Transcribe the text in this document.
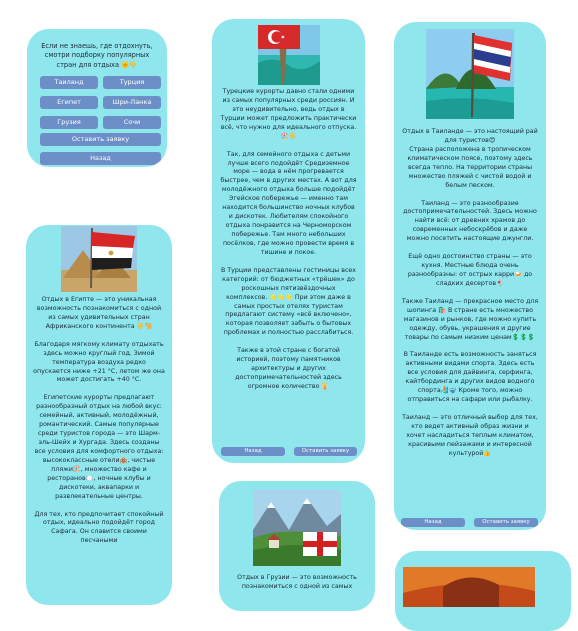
Если не знаешь, где отдохнуть, смотри подборку популярных стран для отдыха 🌞👇

Таиланд	Турция
Египет	Шри-Ланка
Грузия	Сочи
Оставить заявку
Назад

Турецкие курорты давно стали одними из самых популярных среди россиян. И это неудивительно, ведь отдых в Турции может предложить практически всё, что нужно для идеального отпуска. 🏖️☀️

Так, для семейного отдыха с детьми лучше всего подойдёт Средиземное море — вода в нём прогревается быстрее, чем в других местах. А вот для молодёжного отдыха больше подойдёт Эгейское побережье — именно там находится большинство ночных клубов и дискотек. Любителям спокойного отдыха понравится на Черноморском побережье. Там много небольших посёлков, где можно провести время в тишине и покое.

В Турции представлены гостиницы всех категорий: от бюджетных «трёшек» до роскошных пятизвёздочных комплексов. ⭐⭐⭐ При этом даже в самых простых отелях туристам предлагают систему «всё включено», которая позволяет забыть о бытовых проблемах и полностью расслабиться.

Также в этой стране с богатой историей, поэтому памятников архитектуры и других достопримечательностей здесь огромное количество 🕌

Назад	Оставить заявку

Отдых в Таиланде — это настоящий рай для туристов😍
Страна расположена в тропическом климатическом поясе, поэтому здесь всегда тепло. На территории страны множество пляжей с чистой водой и белым песком.

Таиланд — это разнообразие достопримечательностей. Здесь можно найти всё: от древних храмов до современных небоскрёбов и даже можно посетить настоящие джунгли.

Ещё одно достоинство страны — это кухня. Местные блюда очень разнообразны: от острых карри🍛 до сладких десертов🍨

Также Таиланд — прекрасное место для шопинга 🛍️ В стране есть множество магазинов и рынков, где можно купить одежду, обувь, украшения и другие товары по самым низким ценам💲💲💲

В Таиланде есть возможность заняться активными видами спорта. Здесь есть все условия для дайвинга, серфинга, кайтбординга и других видов водного спорта🏄🤿 Кроме того, можно отправиться на сафари или рыбалку.

Таиланд — это отличный выбор для тех, кто ведет активный образ жизни и хочет насладиться теплым климатом, красивыми пейзажами и интересной культурой👍

Назад	Оставить заявку

Отдых в Египте — это уникальная возможность познакомиться с одной из самых удивительных стран Африканского континента ☀️🐪

Благодаря мягкому климату отдыхать здесь можно круглый год. Зимой температура воздуха редко опускается ниже +21 °C, летом же она может достигать +40 °C.

Египетские курорты предлагают разнообразный отдых на любой вкус: семейный, активный, молодёжный, романтический. Самые популярные среди туристов города — это Шарм-эль-Шейх и Хургада. Здесь созданы все условия для комфортного отдыха: высококлассные отели🏨, чистые пляжи🏖️, множество кафе и ресторанов🍽️, ночные клубы и дискотеки, аквапарки и развлекательные центры.

Для тех, кто предпочитает спокойный отдых, идеально подойдёт город Сафага. Он славится своими песчаными

Отдых в Грузии — это возможность познакомиться с одной из самых
